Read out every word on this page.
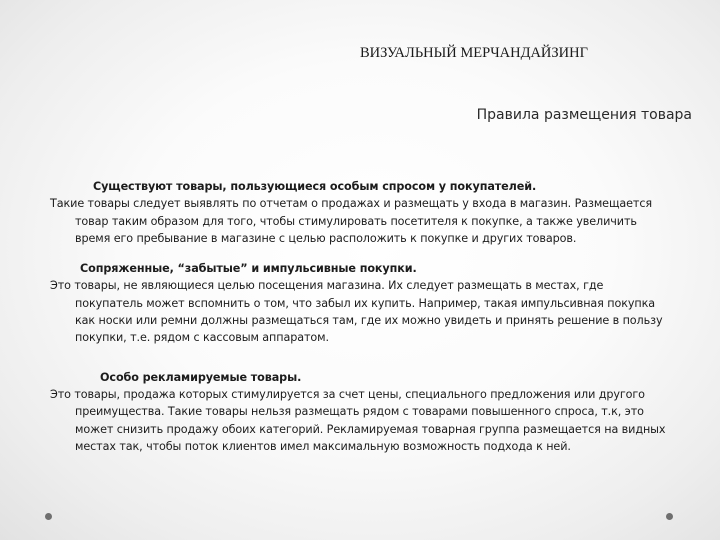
ВИЗУАЛЬНЫЙ МЕРЧАНДАЙЗИНГ
Правила размещения товара
Существуют товары, пользующиеся особым спросом у покупателей.

Такие товары следует выявлять по отчетам о продажах и размещать у входа в магазин. Размещается товар таким образом для того, чтобы стимулировать посетителя к покупке, а также увеличить время его пребывание в магазине с целью расположить к покупке и других товаров.

Сопряженные, “забытые” и импульсивные покупки.

Это товары, не являющиеся целью посещения магазина. Их следует размещать в местах, где покупатель может вспомнить о том, что забыл их купить. Например, такая импульсивная покупка как носки или ремни должны размещаться там, где их можно увидеть и принять решение в пользу покупки, т.е. рядом с кассовым аппаратом.

Особо рекламируемые товары.

Это товары, продажа которых стимулируется за счет цены, специального предложения или другого преимущества. Такие товары нельзя размещать рядом с товарами повышенного спроса, т.к, это может снизить продажу обоих категорий. Рекламируемая товарная группа размещается на видных местах так, чтобы поток клиентов имел максимальную возможность подхода к ней.
